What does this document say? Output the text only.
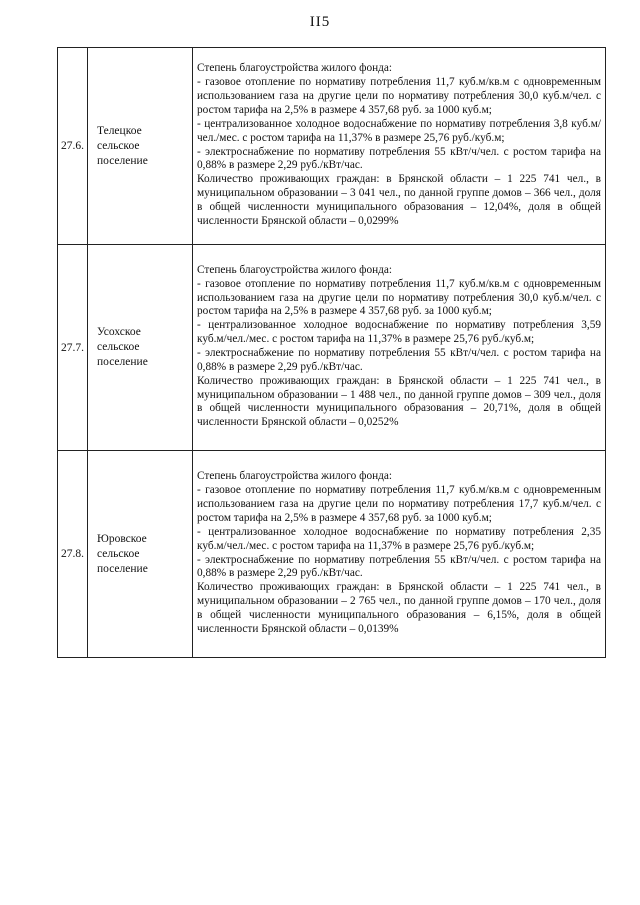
II5
27.6.	Телецкое сельское поселение	Степень благоустройства жилого фонда:

- газовое отопление по нормативу потребления 11,7 куб.м/кв.м с одновременным использованием газа на другие цели по нормативу потребления 30,0 куб.м/чел. с ростом тарифа на 2,5% в размере 4 357,68 руб. за 1000 куб.м;

- централизованное холодное водоснабжение по нормативу потребления 3,8 куб.м/чел./мес. с ростом тарифа на 11,37% в размере 25,76 руб./куб.м;

- электроснабжение по нормативу потребления 55 кВт/ч/чел. с ростом тарифа на 0,88% в размере 2,29 руб./кВт/час.

Количество проживающих граждан: в Брянской области – 1 225 741 чел., в муниципальном образовании – 3 041 чел., по данной группе домов – 366 чел., доля в общей численности муниципального образования – 12,04%, доля в общей численности Брянской области – 0,0299%

27.7.	Усохское сельское поселение	Степень благоустройства жилого фонда:

- газовое отопление по нормативу потребления 11,7 куб.м/кв.м с одновременным использованием газа на другие цели по нормативу потребления 30,0 куб.м/чел. с ростом тарифа на 2,5% в размере 4 357,68 руб. за 1000 куб.м;

- централизованное холодное водоснабжение по нормативу потребления 3,59 куб.м/чел./мес. с ростом тарифа на 11,37% в размере 25,76 руб./куб.м;

- электроснабжение по нормативу потребления 55 кВт/ч/чел. с ростом тарифа на 0,88% в размере 2,29 руб./кВт/час.

Количество проживающих граждан: в Брянской области – 1 225 741 чел., в муниципальном образовании – 1 488 чел., по данной группе домов – 309 чел., доля в общей численности муниципального образования – 20,71%, доля в общей численности Брянской области – 0,0252%

27.8.	Юровское сельское поселение	Степень благоустройства жилого фонда:

- газовое отопление по нормативу потребления 11,7 куб.м/кв.м с одновременным использованием газа на другие цели по нормативу потребления 17,7 куб.м/чел. с ростом тарифа на 2,5% в размере 4 357,68 руб. за 1000 куб.м;

- централизованное холодное водоснабжение по нормативу потребления 2,35 куб.м/чел./мес. с ростом тарифа на 11,37% в размере 25,76 руб./куб.м;

- электроснабжение по нормативу потребления 55 кВт/ч/чел. с ростом тарифа на 0,88% в размере 2,29 руб./кВт/час.

Количество проживающих граждан: в Брянской области – 1 225 741 чел., в муниципальном образовании – 2 765 чел., по данной группе домов – 170 чел., доля в общей численности муниципального образования – 6,15%, доля в общей численности Брянской области – 0,0139%
